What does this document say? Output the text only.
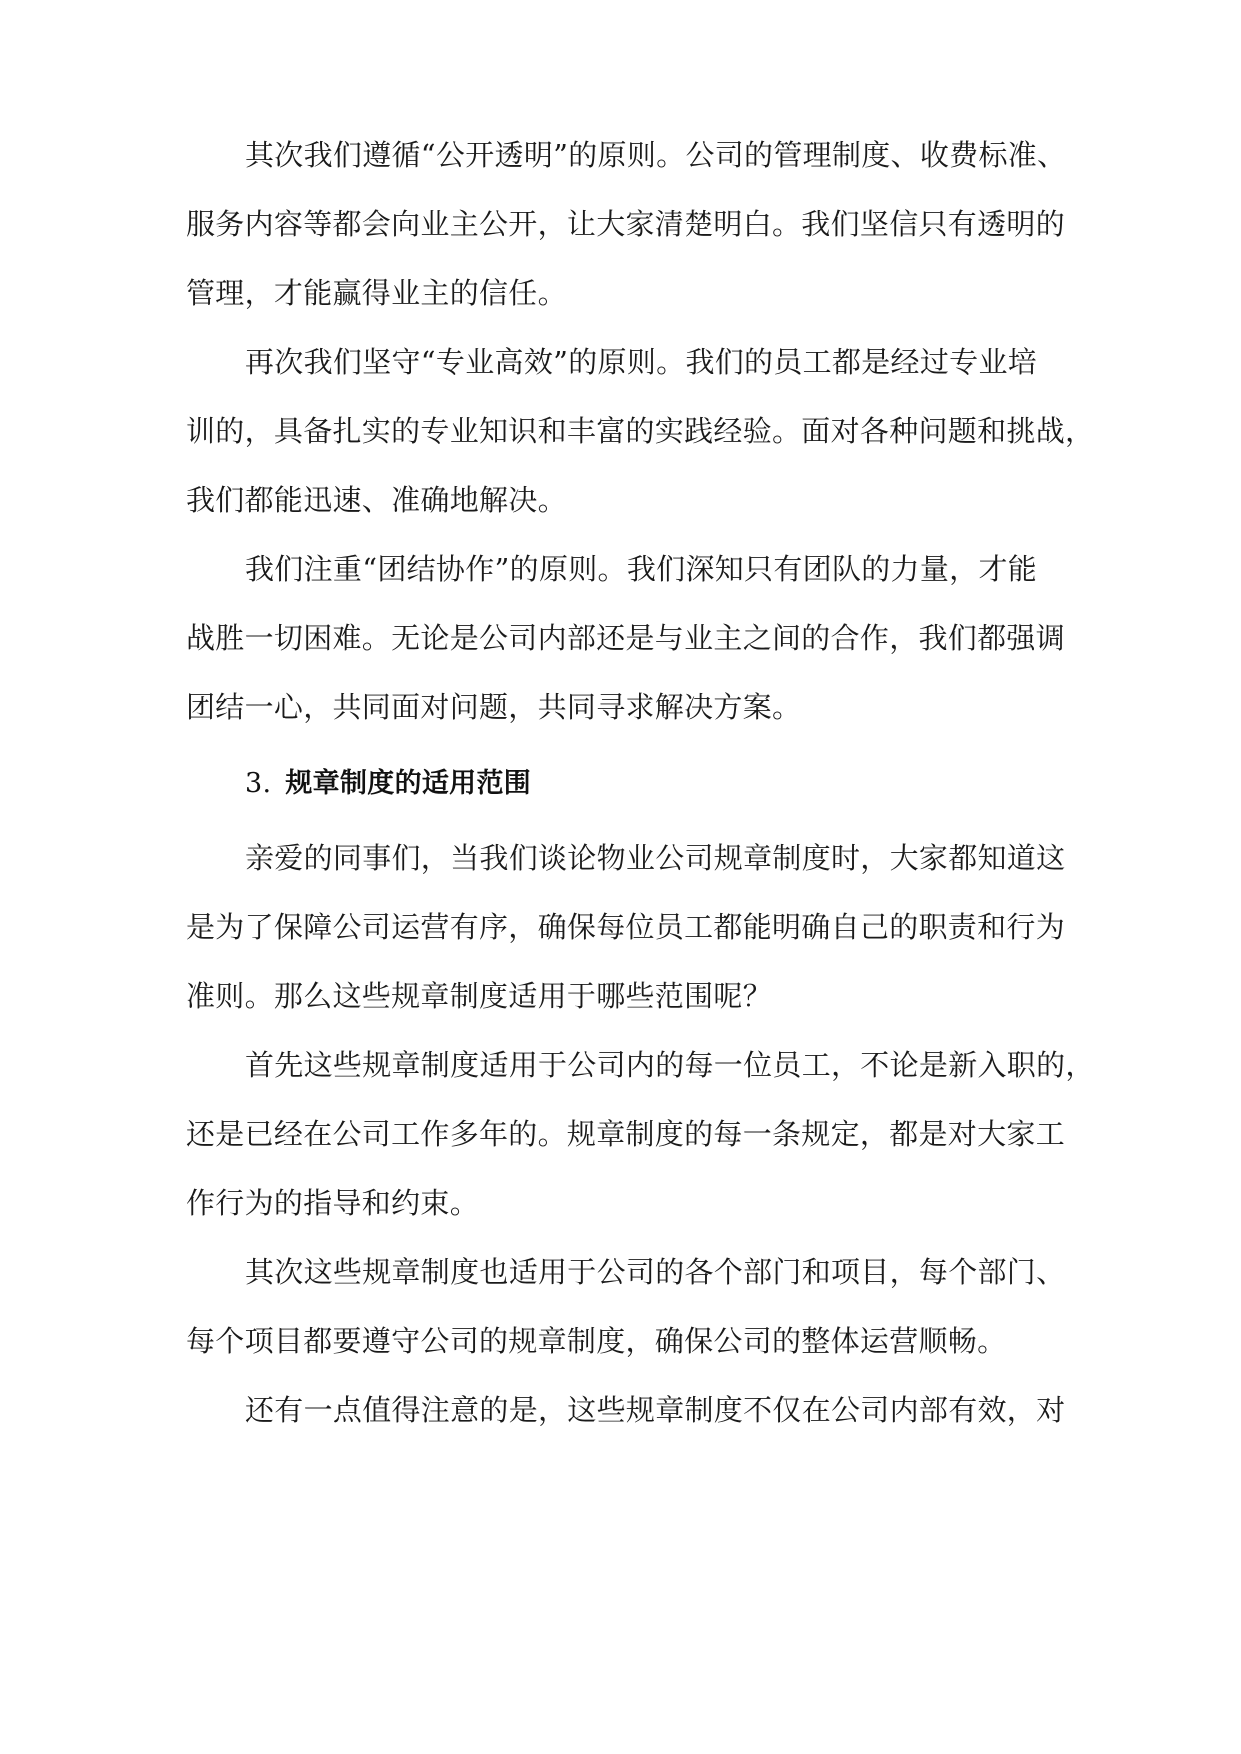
其次我们遵循“公开透明”的原则。公司的管理制度、收费标准、
服务内容等都会向业主公开，让大家清楚明白。我们坚信只有透明的
管理，才能赢得业主的信任。
再次我们坚守“专业高效”的原则。我们的员工都是经过专业培
训的，具备扎实的专业知识和丰富的实践经验。面对各种问题和挑战，
我们都能迅速、准确地解决。
我们注重“团结协作”的原则。我们深知只有团队的力量，才能
战胜一切困难。无论是公司内部还是与业主之间的合作，我们都强调
团结一心，共同面对问题，共同寻求解决方案。
3. 规章制度的适用范围
亲爱的同事们，当我们谈论物业公司规章制度时，大家都知道这
是为了保障公司运营有序，确保每位员工都能明确自己的职责和行为
准则。那么这些规章制度适用于哪些范围呢？
首先这些规章制度适用于公司内的每一位员工，不论是新入职的，
还是已经在公司工作多年的。规章制度的每一条规定，都是对大家工
作行为的指导和约束。
其次这些规章制度也适用于公司的各个部门和项目，每个部门、
每个项目都要遵守公司的规章制度，确保公司的整体运营顺畅。
还有一点值得注意的是，这些规章制度不仅在公司内部有效，对
